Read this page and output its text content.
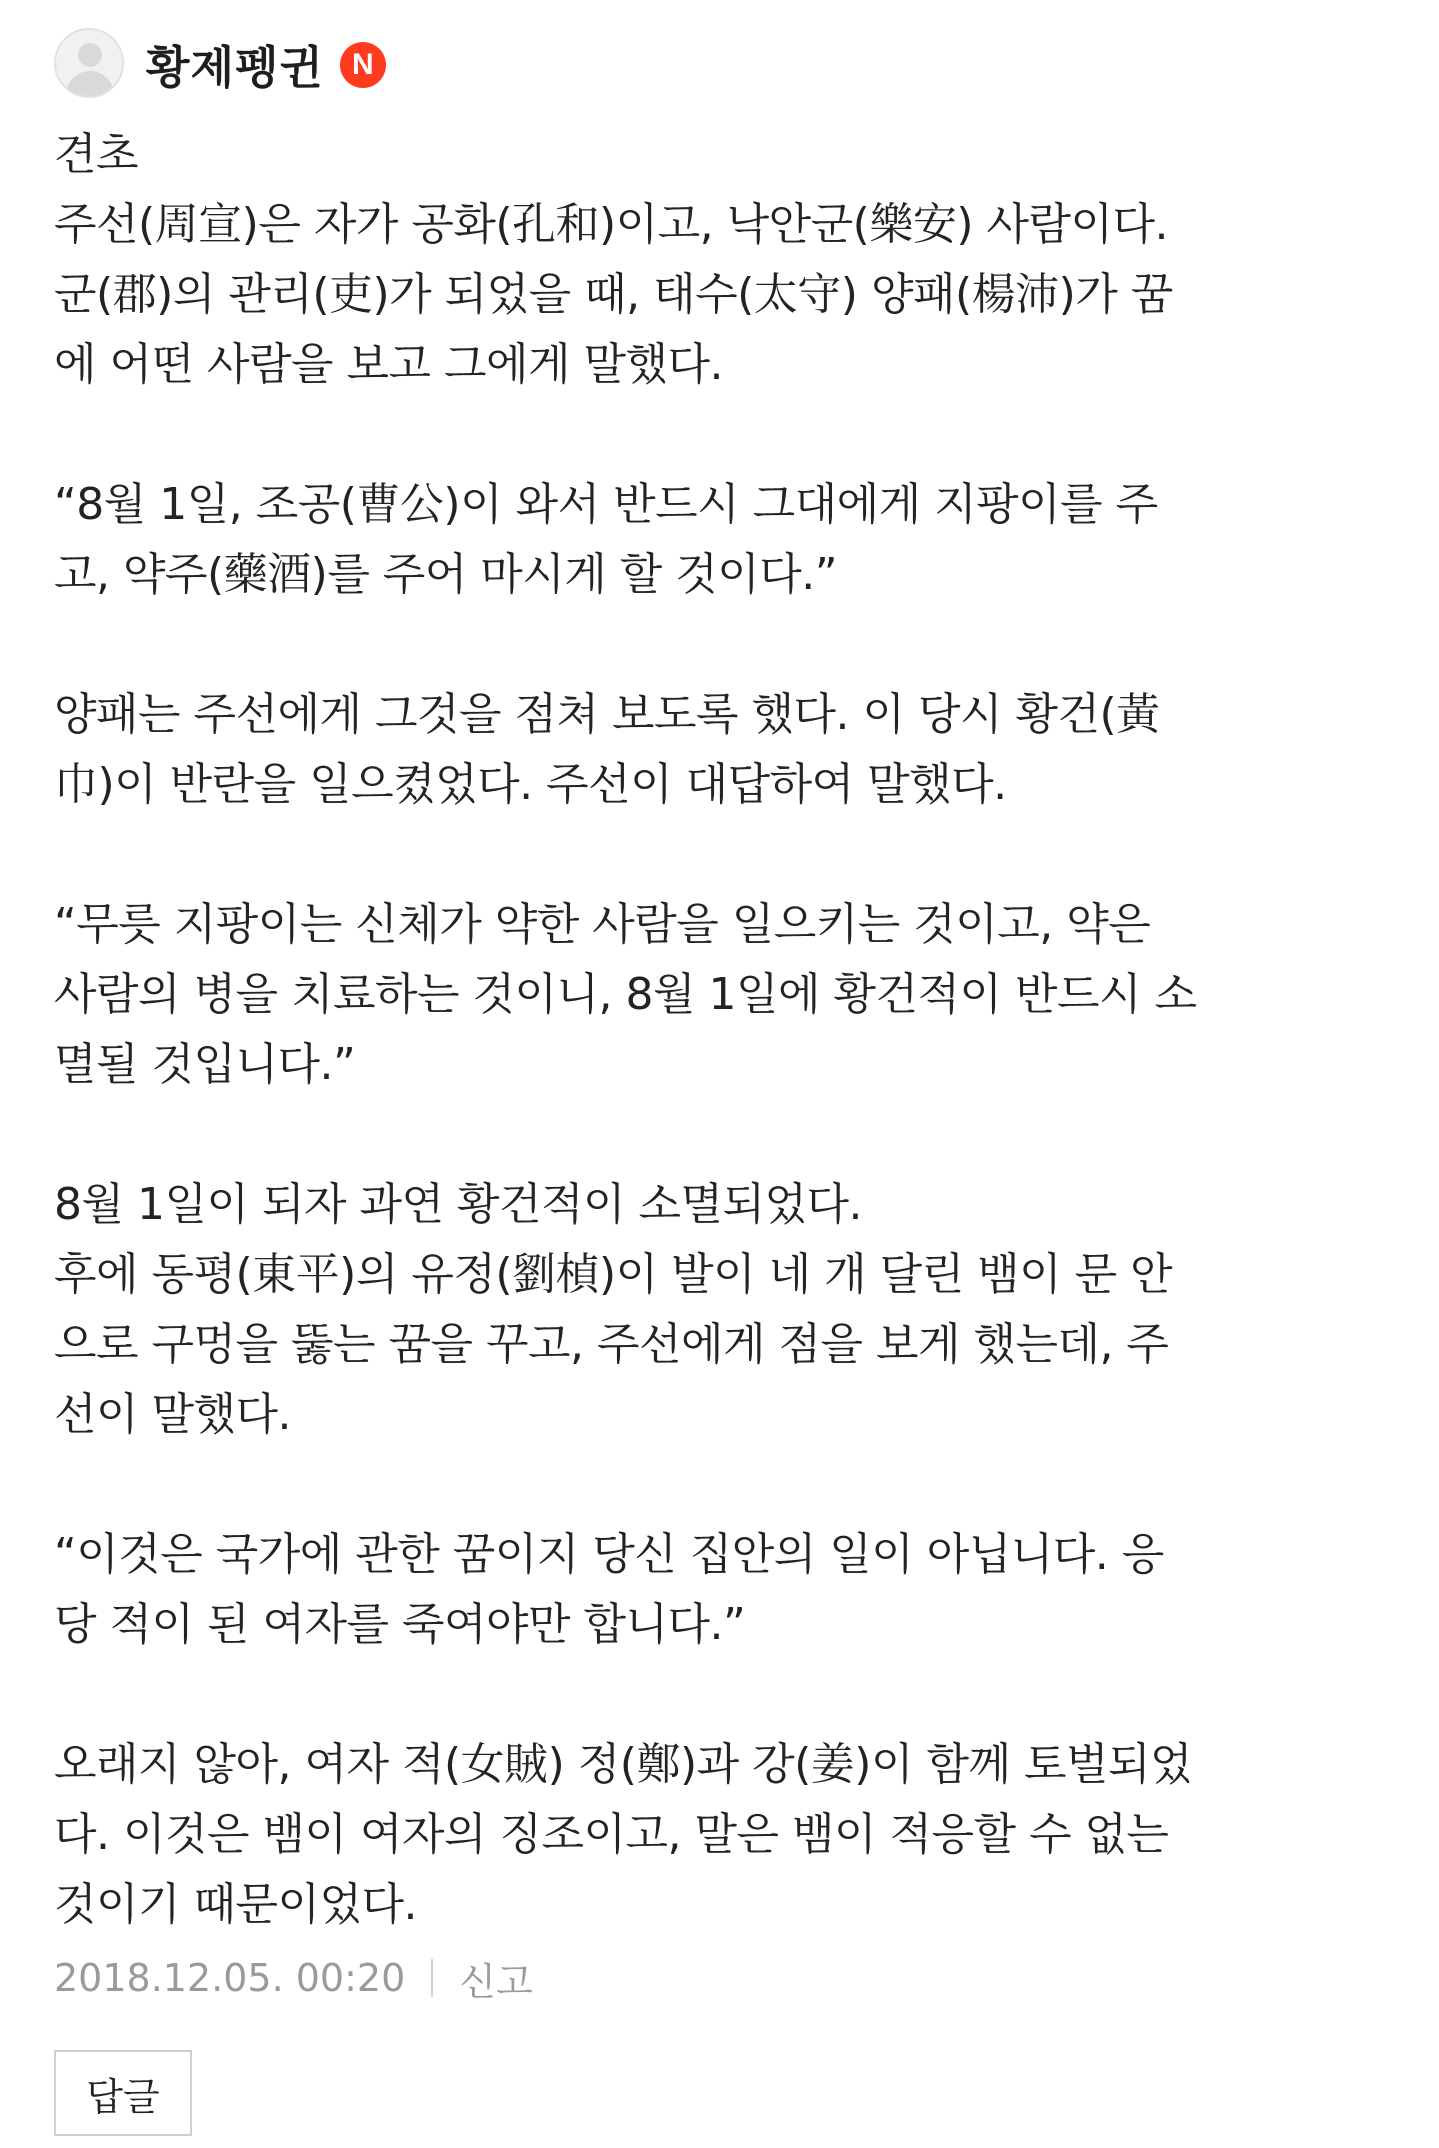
황제펭귄 N
견초
주선(周宣)은 자가 공화(孔和)이고, 낙안군(樂安) 사람이다.
군(郡)의 관리(吏)가 되었을 때, 태수(太守) 양패(楊沛)가 꿈
에 어떤 사람을 보고 그에게 말했다.
“8월 1일, 조공(曹公)이 와서 반드시 그대에게 지팡이를 주
고, 약주(藥酒)를 주어 마시게 할 것이다.”
양패는 주선에게 그것을 점쳐 보도록 했다. 이 당시 황건(黃
巾)이 반란을 일으켰었다. 주선이 대답하여 말했다.
“무릇 지팡이는 신체가 약한 사람을 일으키는 것이고, 약은
사람의 병을 치료하는 것이니, 8월 1일에 황건적이 반드시 소
멸될 것입니다.”
8월 1일이 되자 과연 황건적이 소멸되었다.
후에 동평(東平)의 유정(劉楨)이 발이 네 개 달린 뱀이 문 안
으로 구멍을 뚫는 꿈을 꾸고, 주선에게 점을 보게 했는데, 주
선이 말했다.
“이것은 국가에 관한 꿈이지 당신 집안의 일이 아닙니다. 응
당 적이 된 여자를 죽여야만 합니다.”
오래지 않아, 여자 적(女賊) 정(鄭)과 강(姜)이 함께 토벌되었
다. 이것은 뱀이 여자의 징조이고, 말은 뱀이 적응할 수 없는
것이기 때문이었다.
2018.12.05. 00:20 신고
답글
